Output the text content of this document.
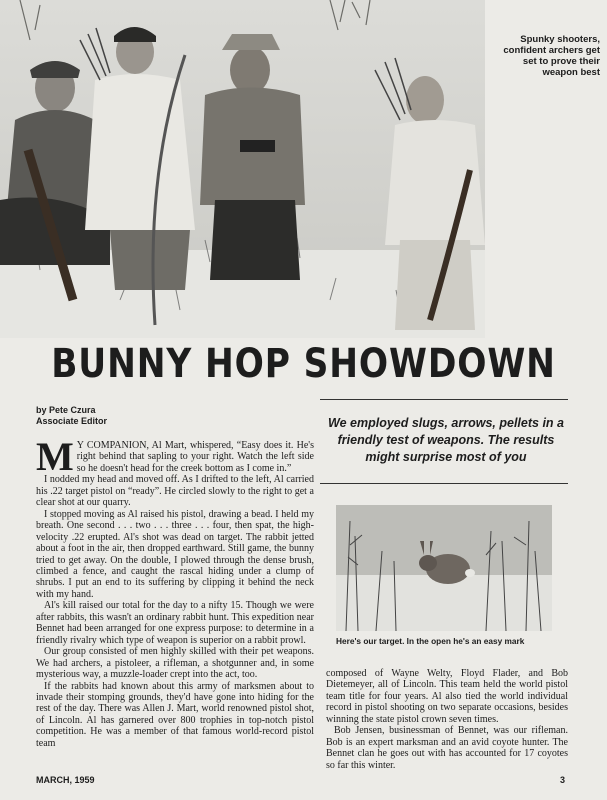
Spunky shooters, confident archers get set to prove their weapon best
BUNNY HOP SHOWDOWN
by Pete Czura
Associate Editor	We employed slugs, arrows, pellets in a friendly test of weapons. The results might surprise most of you

M Y COMPANION, Al Mart, whispered, “Easy does it. He's right behind that sapling to your right. Watch the left side so he doesn't head for the creek bottom as I come in.”

I nodded my head and moved off. As I drifted to the left, Al carried his .22 target pistol on “ready”. He circled slowly to the right to get a clear shot at our quarry.

I stopped moving as Al raised his pistol, drawing a bead. I held my breath. One second . . . two . . . three . . . four, then spat, the high-velocity .22 erupted. Al's shot was dead on target. The rabbit jetted about a foot in the air, then dropped earthward. Still game, the bunny tried to get away. On the double, I plowed through the dense brush, climbed a fence, and caught the rascal hiding under a clump of shrubs. I put an end to its suffering by clipping it behind the neck with my hand.

Al's kill raised our total for the day to a nifty 15. Though we were after rabbits, this wasn't an ordinary rabbit hunt. This expedition near Bennet had been arranged for one express purpose: to determine in a friendly rivalry which type of weapon is superior on a rabbit prowl.

Our group consisted of men highly skilled with their pet weapons. We had archers, a pistoleer, a rifleman, a shotgunner and, in some mysterious way, a muzzle-loader crept into the act, too.

If the rabbits had known about this army of marksmen about to invade their stomping grounds, they'd have gone into hiding for the rest of the day. There was Allen J. Mart, world renowned pistol shot, of Lincoln. Al has garnered over 800 trophies in top-notch pistol competition. He was a member of that famous world-record pistol team

Here's our target. In the open he's an easy mark

composed of Wayne Welty, Floyd Flader, and Bob Dietemeyer, all of Lincoln. This team held the world pistol team title for four years. Al also tied the world individual record in pistol shooting on two separate occasions, besides winning the state pistol crown seven times.

Bob Jensen, businessman of Bennet, was our rifleman. Bob is an expert marksman and an avid coyote hunter. The Bennet clan he goes out with has accounted for 17 coyotes so far this winter.

MARCH, 1959	3
